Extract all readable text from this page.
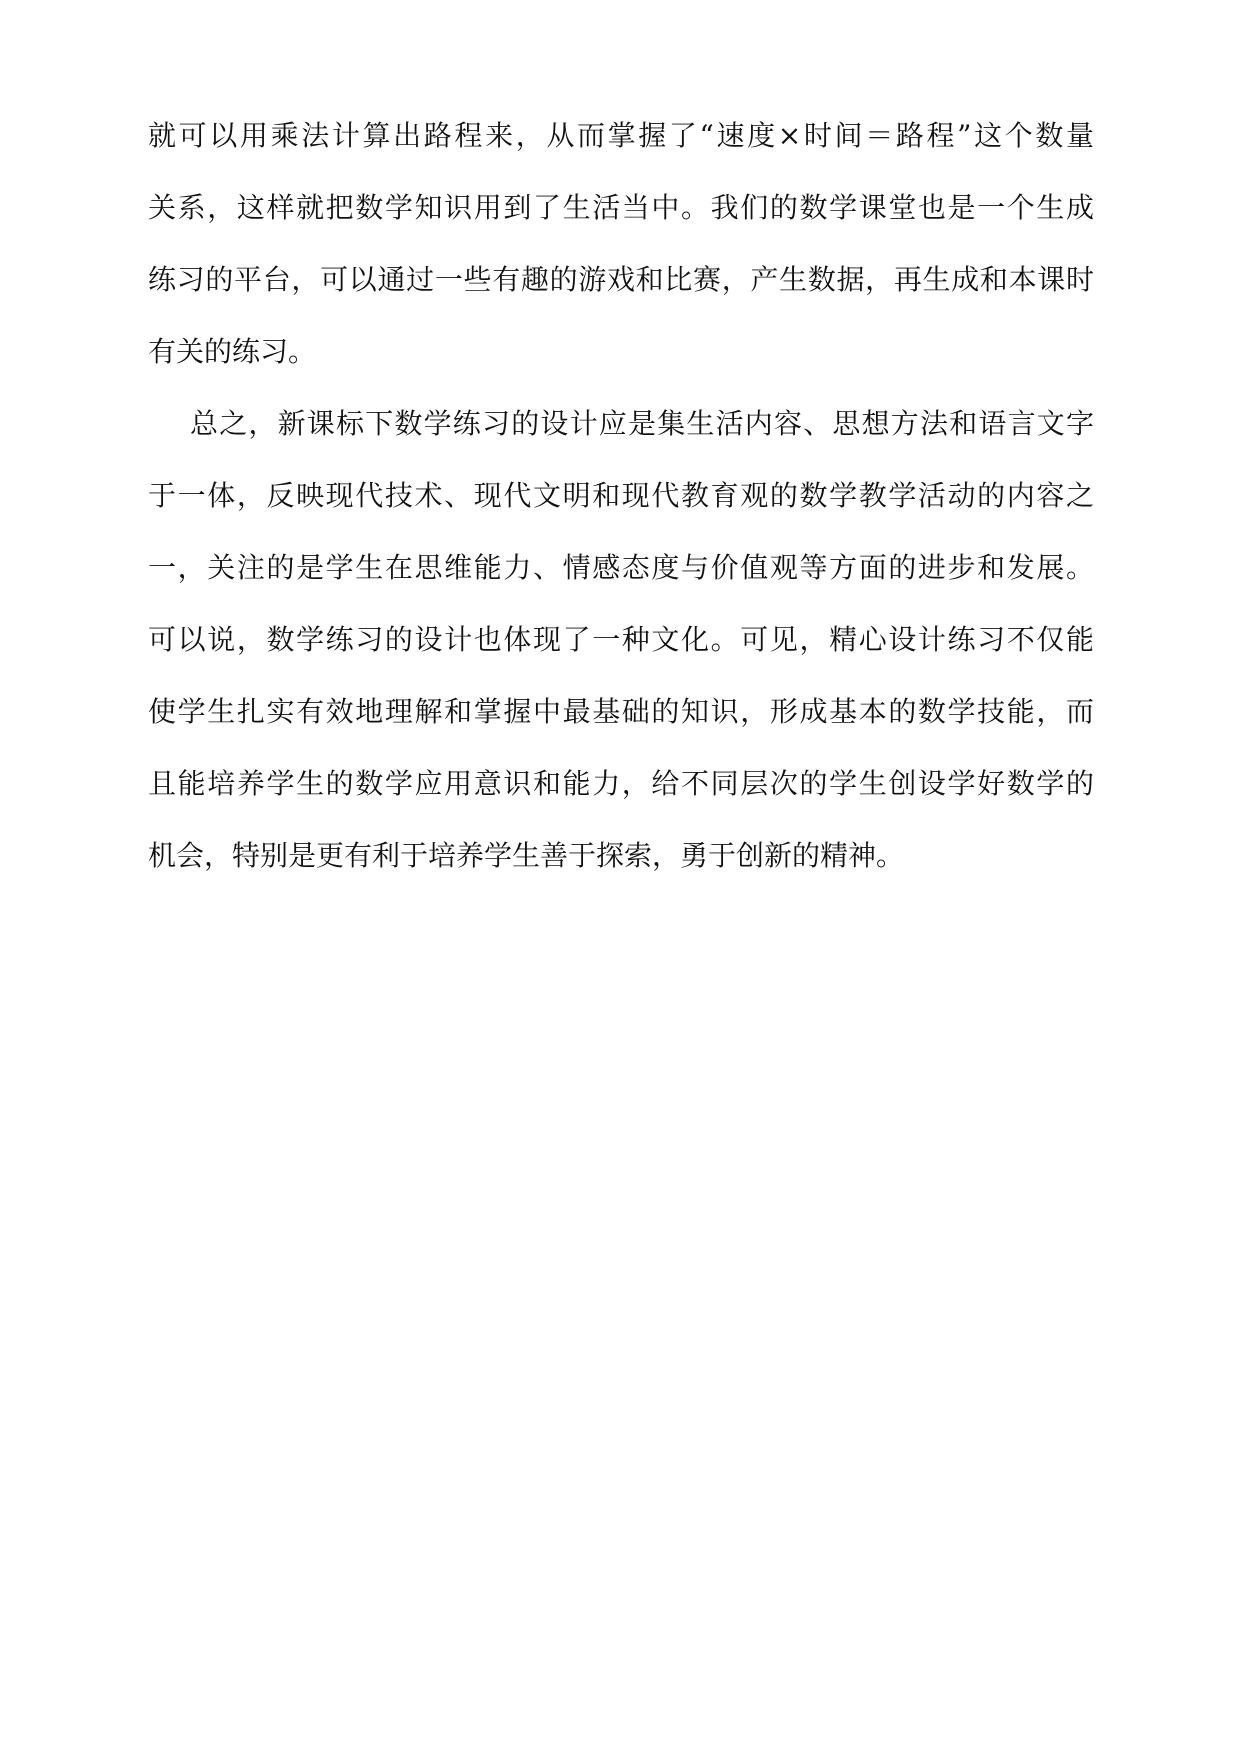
就可以用乘法计算出路程来，从而掌握了“速度×时间＝路程”这个数量
关系，这样就把数学知识用到了生活当中。我们的数学课堂也是一个生成
练习的平台，可以通过一些有趣的游戏和比赛，产生数据，再生成和本课时
有关的练习。
总之，新课标下数学练习的设计应是集生活内容、思想方法和语言文字
于一体，反映现代技术、现代文明和现代教育观的数学教学活动的内容之
一，关注的是学生在思维能力、情感态度与价值观等方面的进步和发展。
可以说，数学练习的设计也体现了一种文化。可见，精心设计练习不仅能
使学生扎实有效地理解和掌握中最基础的知识，形成基本的数学技能，而
且能培养学生的数学应用意识和能力，给不同层次的学生创设学好数学的
机会，特别是更有利于培养学生善于探索，勇于创新的精神。
